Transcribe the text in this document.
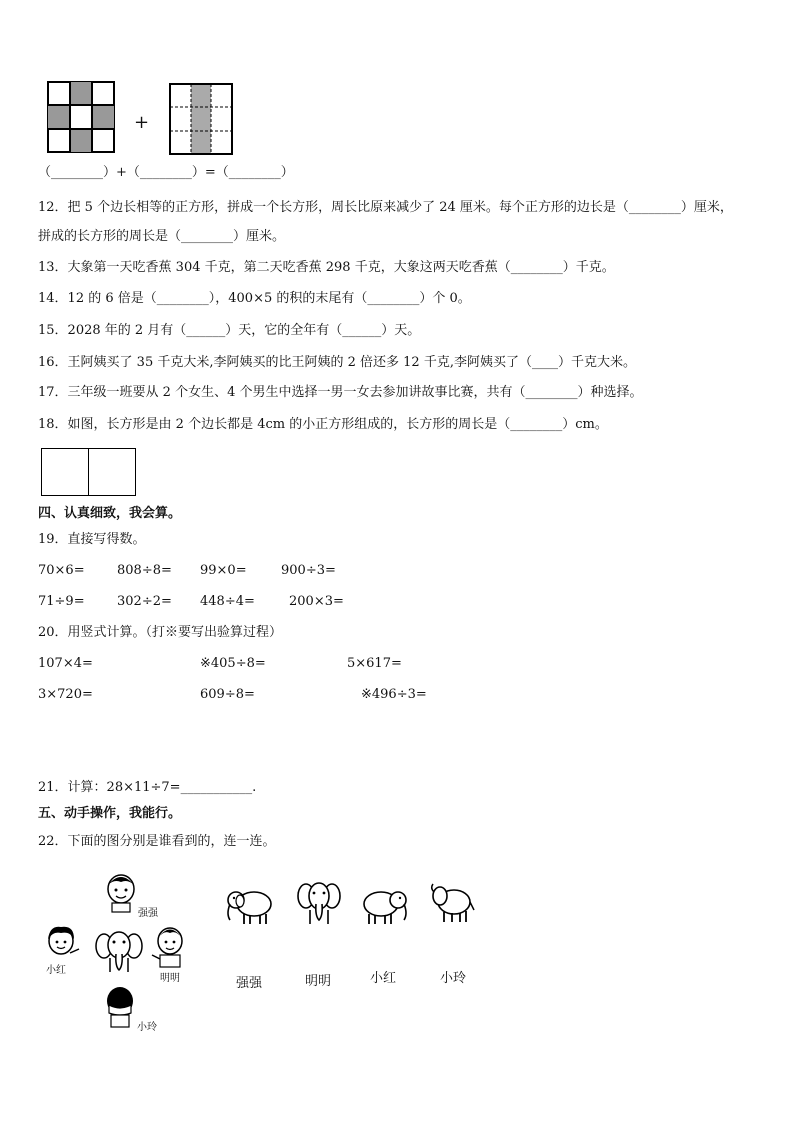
+
（________）+（________）=（________）
12．把 5 个边长相等的正方形，拼成一个长方形，周长比原来减少了 24 厘米。每个正方形的边长是（________）厘米，
拼成的长方形的周长是（________）厘米。
13．大象第一天吃香蕉 304 千克，第二天吃香蕉 298 千克，大象这两天吃香蕉（________）千克。
14．12 的 6 倍是（________），400×5 的积的末尾有（________）个 0。
15．2028 年的 2 月有（______）天，它的全年有（______）天。
16．王阿姨买了 35 千克大米,李阿姨买的比王阿姨的 2 倍还多 12 千克,李阿姨买了（____）千克大米。
17．三年级一班要从 2 个女生、4 个男生中选择一男一女去参加讲故事比赛，共有（________）种选择。
18．如图，长方形是由 2 个边长都是 4cm 的小正方形组成的，长方形的周长是（________）cm。
四、认真细致，我会算。
19．直接写得数。
70×6= 808÷8= 99×0=	900÷3=
71÷9= 302÷2= 448÷4=	200×3=
20．用竖式计算。（打※要写出验算过程）
107×4=	※405÷8=	5×617=
3×720=	609÷8=	※496÷3=
21．计算：28×11÷7=___________.
五、动手操作，我能行。
22．下面的图分别是谁看到的，连一连。
强强
小红
明明
小玲
强强	明明	小红	小玲
